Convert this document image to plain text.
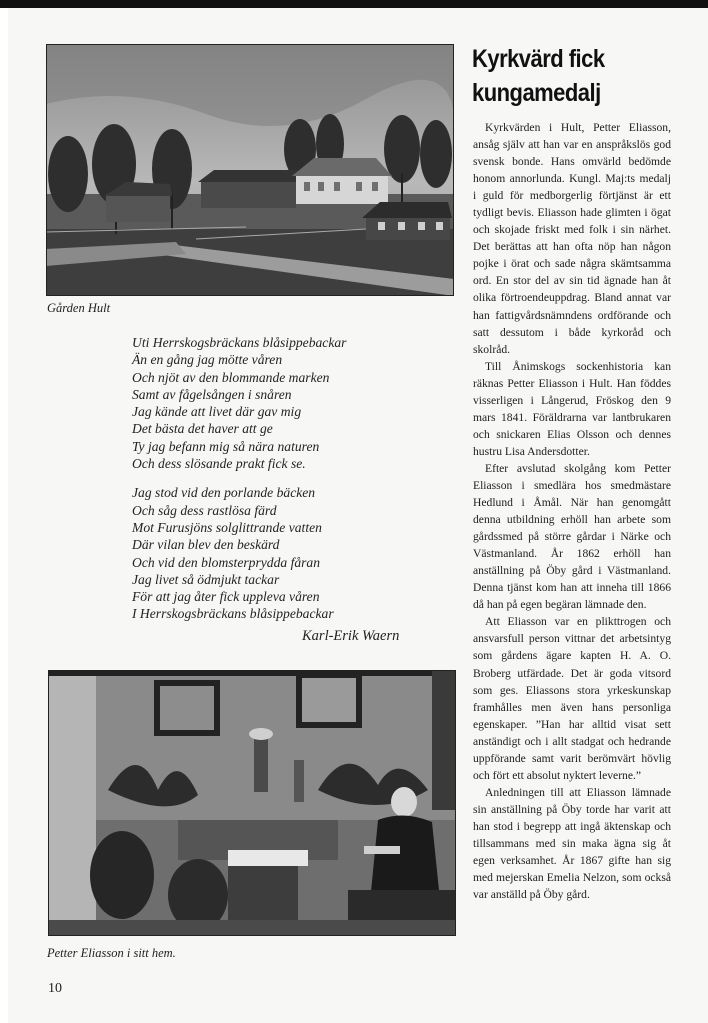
Gården Hult
Uti Herrskogsbräckans blåsippebackar
Än en gång jag mötte våren
Och njöt av den blommande marken
Samt av fågelsången i snåren
Jag kände att livet där gav mig
Det bästa det haver att ge
Ty jag befann mig så nära naturen
Och dess slösande prakt fick se.
Jag stod vid den porlande bäcken
Och såg dess rastlösa färd
Mot Furusjöns solglittrande vatten
Där vilan blev den beskärd
Och vid den blomsterprydda fåran
Jag livet så ödmjukt tackar
För att jag åter fick uppleva våren
I Herrskogsbräckans blåsippebackar
Karl-Erik Waern
Petter Eliasson i sitt hem.
Kyrkvärd fick
kungamedalj

Kyrkvärden i Hult, Petter Eliasson, ansåg själv att han var en anspråkslös god svensk bonde. Hans omvärld bedömde honom annorlunda. Kungl. Maj:ts medalj i guld för medborgerlig förtjänst är ett tydligt bevis. Eliasson hade glimten i ögat och skojade friskt med folk i sin närhet. Det berättas att han ofta nöp han någon pojke i örat och sade några skämtsamma ord. En stor del av sin tid ägnade han åt olika förtroendeuppdrag. Bland annat var han fattigvårdsnämndens ordförande och satt dessutom i både kyrkoråd och skolråd.

Till Ånimskogs sockenhistoria kan räknas Petter Eliasson i Hult. Han föddes visserligen i Långerud, Fröskog den 9 mars 1841. Föräldrarna var lantbrukaren och snickaren Elias Olsson och dennes hustru Lisa Andersdotter.

Efter avslutad skolgång kom Petter Eliasson i smedlära hos smedmästare Hedlund i Åmål. När han genomgått denna utbildning erhöll han arbete som gårdssmed på större gårdar i Närke och Västmanland. År 1862 erhöll han anställning på Öby gård i Västmanland. Denna tjänst kom han att inneha till 1866 då han på egen begäran lämnade den.

Att Eliasson var en plikttrogen och ansvarsfull person vittnar det arbetsintyg som gårdens ägare kapten H. A. O. Broberg utfärdade. Det är goda vitsord som ges. Eliassons stora yrkeskunskap framhålles men även hans personliga egenskaper. ”Han har alltid visat sett anständigt och i allt stadgat och hedrande uppförande samt varit berömvärt hövlig och fört ett absolut nyktert leverne.”

Anledningen till att Eliasson lämnade sin anställning på Öby torde har varit att han stod i begrepp att ingå äktenskap och tillsammans med sin maka ägna sig åt egen verksamhet. År 1867 gifte han sig med mejerskan Emelia Nelzon, som också var anställd på Öby gård.

10
